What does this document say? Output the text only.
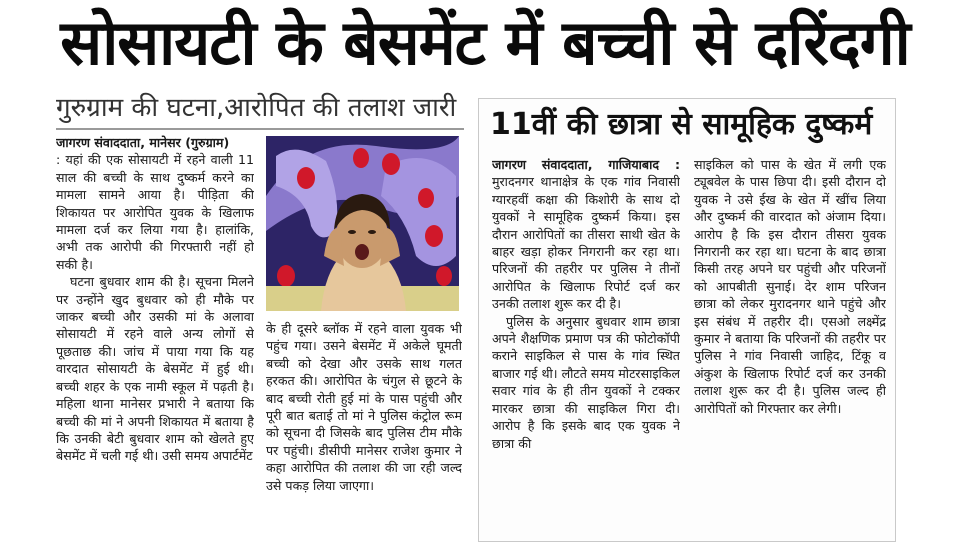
सोसायटी के बेसमेंट में बच्ची से दरिंदगी
गुरुग्राम की घटना,आरोपित की तलाश जारी

जागरण संवाददाता, मानेसर (गुरुग्राम)
: यहां की एक सोसायटी में रहने वाली 11 साल की बच्ची के साथ दुष्कर्म करने का मामला सामने आया है। पीड़िता की शिकायत पर आरोपित युवक के खिलाफ मामला दर्ज कर लिया गया है। हालांकि, अभी तक आरोपी की गिरफ्तारी नहीं हो सकी है।

घटना बुधवार शाम की है। सूचना मिलने पर उन्होंने खुद बुधवार को ही मौके पर जाकर बच्ची और उसकी मां के अलावा सोसायटी में रहने वाले अन्य लोगों से पूछताछ की। जांच में पाया गया कि यह वारदात सोसायटी के बेसमेंट में हुई थी। बच्ची शहर के एक नामी स्कूल में पढ़ती है। महिला थाना मानेसर प्रभारी ने बताया कि बच्ची की मां ने अपनी शिकायत में बताया है कि उनकी बेटी बुधवार शाम को खेलते हुए बेसमेंट में चली गई थी। उसी समय अपार्टमेंट

के ही दूसरे ब्लॉक में रहने वाला युवक भी पहुंच गया। उसने बेसमेंट में अकेले घूमती बच्ची को देखा और उसके साथ गलत हरकत की। आरोपित के चंगुल से छूटने के बाद बच्ची रोती हुई मां के पास पहुंची और पूरी बात बताई तो मां ने पुलिस कंट्रोल रूम को सूचना दी जिसके बाद पुलिस टीम मौके पर पहुंची। डीसीपी मानेसर राजेश कुमार ने कहा आरोपित की तलाश की जा रही जल्द उसे पकड़ लिया जाएगा।

11वीं की छात्रा से सामूहिक दुष्कर्म

जागरण संवाददाता, गाजियाबाद : मुरादनगर थानाक्षेत्र के एक गांव निवासी ग्यारहवीं कक्षा की किशोरी के साथ दो युवकों ने सामूहिक दुष्कर्म किया। इस दौरान आरोपितों का तीसरा साथी खेत के बाहर खड़ा होकर निगरानी कर रहा था। परिजनों की तहरीर पर पुलिस ने तीनों आरोपित के खिलाफ रिपोर्ट दर्ज कर उनकी तलाश शुरू कर दी है।

पुलिस के अनुसार बुधवार शाम छात्रा अपने शैक्षणिक प्रमाण पत्र की फोटोकॉपी कराने साइकिल से पास के गांव स्थित बाजार गई थी। लौटते समय मोटरसाइकिल सवार गांव के ही तीन युवकों ने टक्कर मारकर छात्रा की साइकिल गिरा दी। आरोप है कि इसके बाद एक युवक ने छात्रा की

साइकिल को पास के खेत में लगी एक ट्यूबवेल के पास छिपा दी। इसी दौरान दो युवक ने उसे ईख के खेत में खींच लिया और दुष्कर्म की वारदात को अंजाम दिया। आरोप है कि इस दौरान तीसरा युवक निगरानी कर रहा था। घटना के बाद छात्रा किसी तरह अपने घर पहुंची और परिजनों को आपबीती सुनाई। देर शाम परिजन छात्रा को लेकर मुरादनगर थाने पहुंचे और इस संबंध में तहरीर दी। एसओ लक्ष्मेंद्र कुमार ने बताया कि परिजनों की तहरीर पर पुलिस ने गांव निवासी जाहिद, टिंकू व अंकुश के खिलाफ रिपोर्ट दर्ज कर उनकी तलाश शुरू कर दी है। पुलिस जल्द ही आरोपितों को गिरफ्तार कर लेगी।
